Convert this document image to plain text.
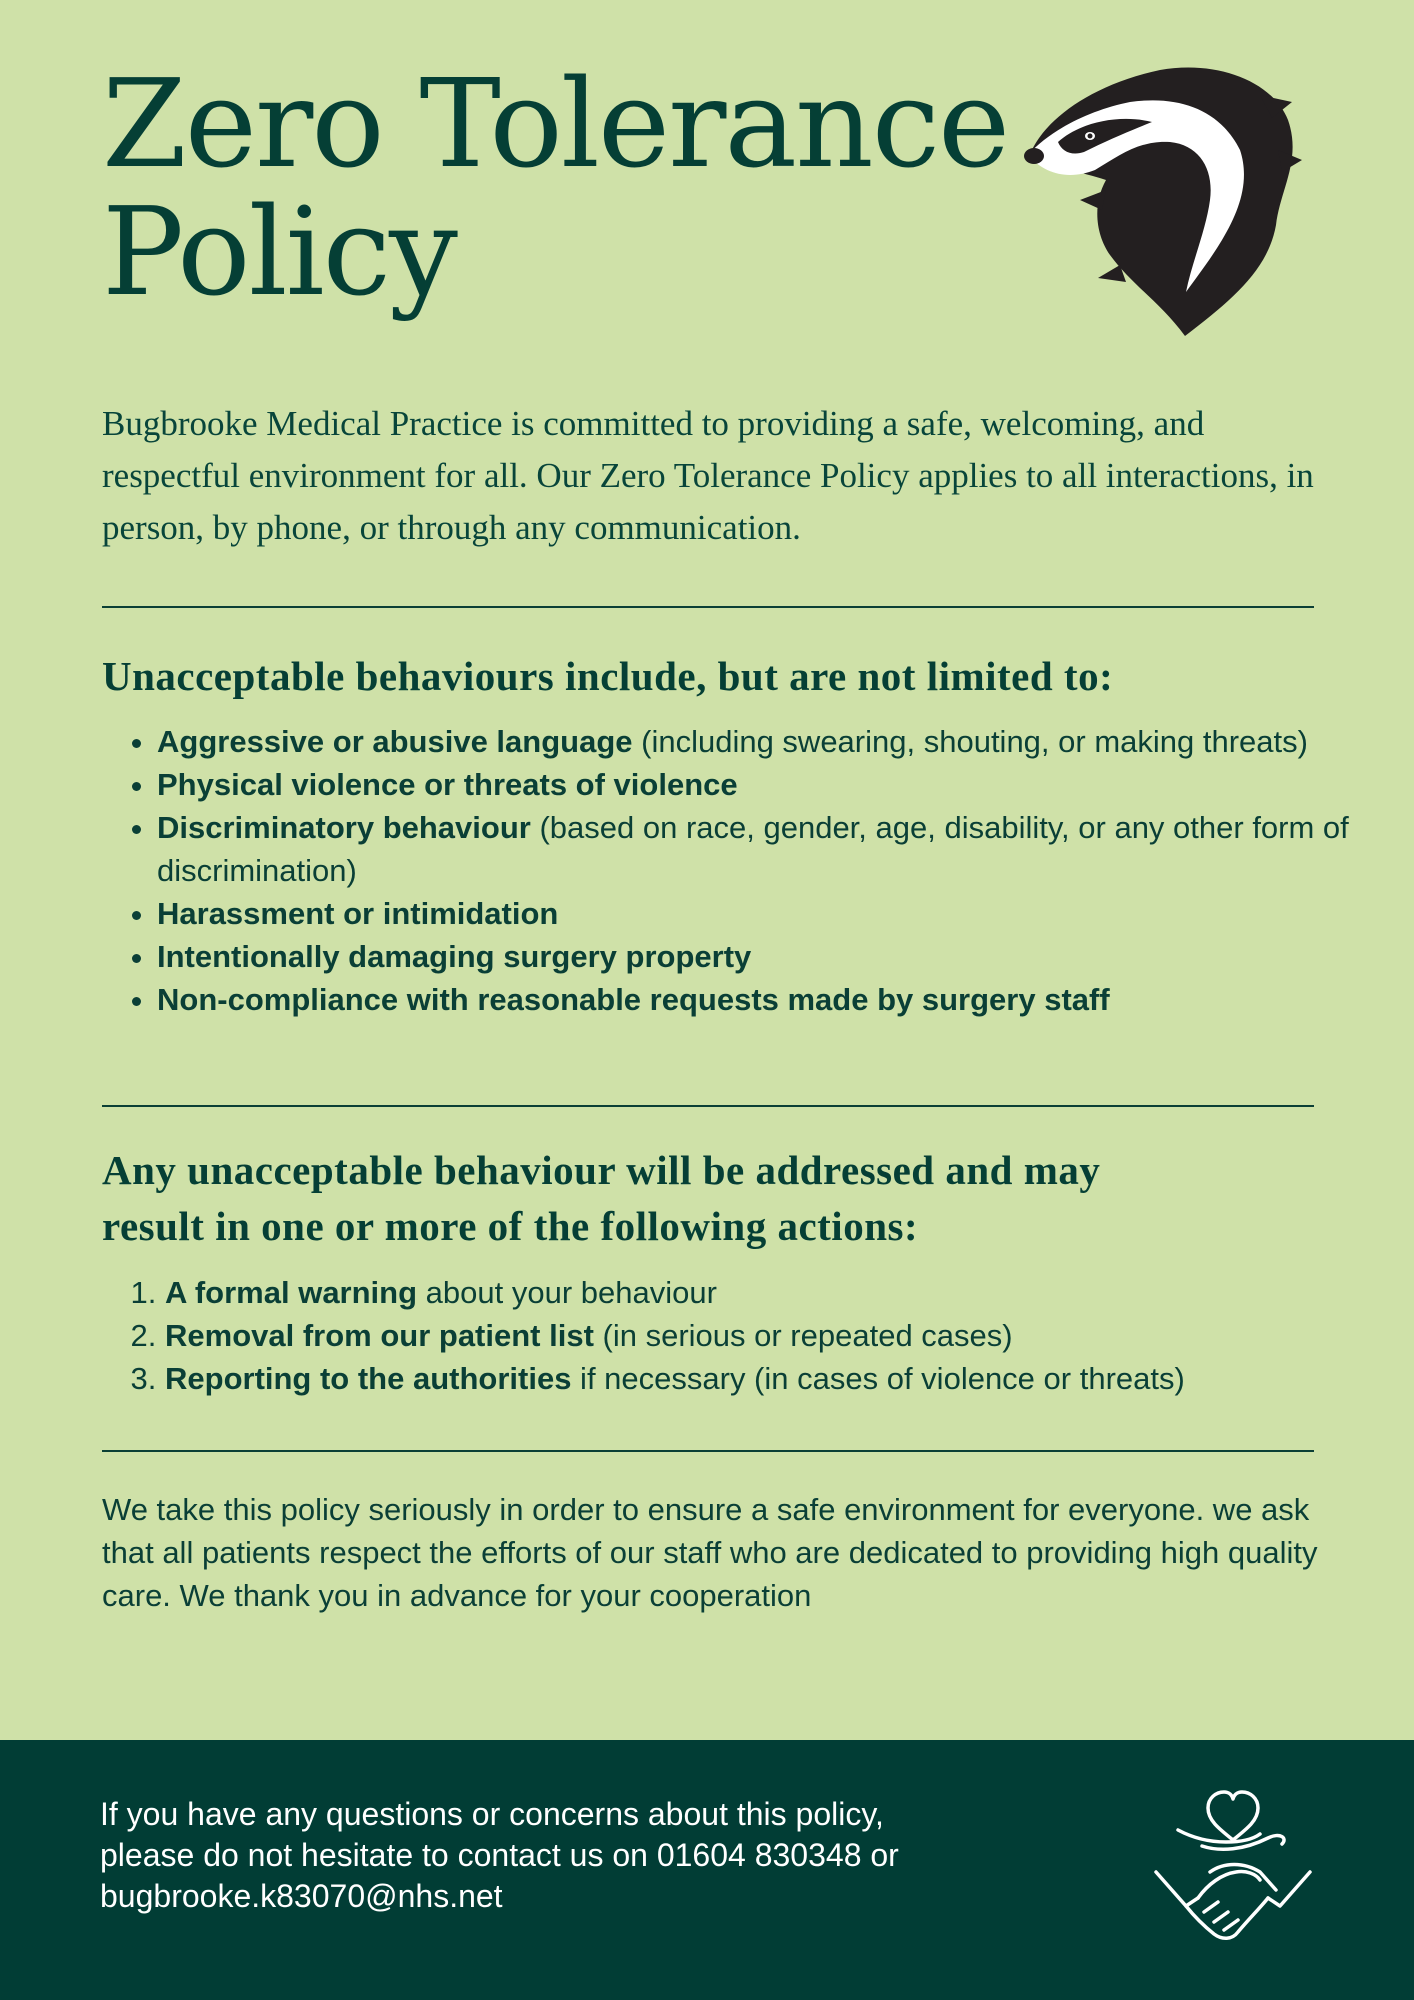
Zero Tolerance
Policy

Bugbrooke Medical Practice is committed to providing a safe, welcoming, and respectful environment for all. Our Zero Tolerance Policy applies to all interactions, in person, by phone, or through any communication.

Unacceptable behaviours include, but are not limited to:
• Aggressive or abusive language (including swearing, shouting, or making threats)
• Physical violence or threats of violence
• Discriminatory behaviour (based on race, gender, age, disability, or any other form of discrimination)
• Harassment or intimidation
• Intentionally damaging surgery property
• Non-compliance with reasonable requests made by surgery staff
Any unacceptable behaviour will be addressed and may
result in one or more of the following actions:
1. A formal warning about your behaviour
2. Removal from our patient list (in serious or repeated cases)
3. Reporting to the authorities if necessary (in cases of violence or threats)

We take this policy seriously in order to ensure a safe environment for everyone. we ask that all patients respect the efforts of our staff who are dedicated to providing high quality care. We thank you in advance for your cooperation

If you have any questions or concerns about this policy,
please do not hesitate to contact us on 01604 830348 or
bugbrooke.k83070@nhs.net
